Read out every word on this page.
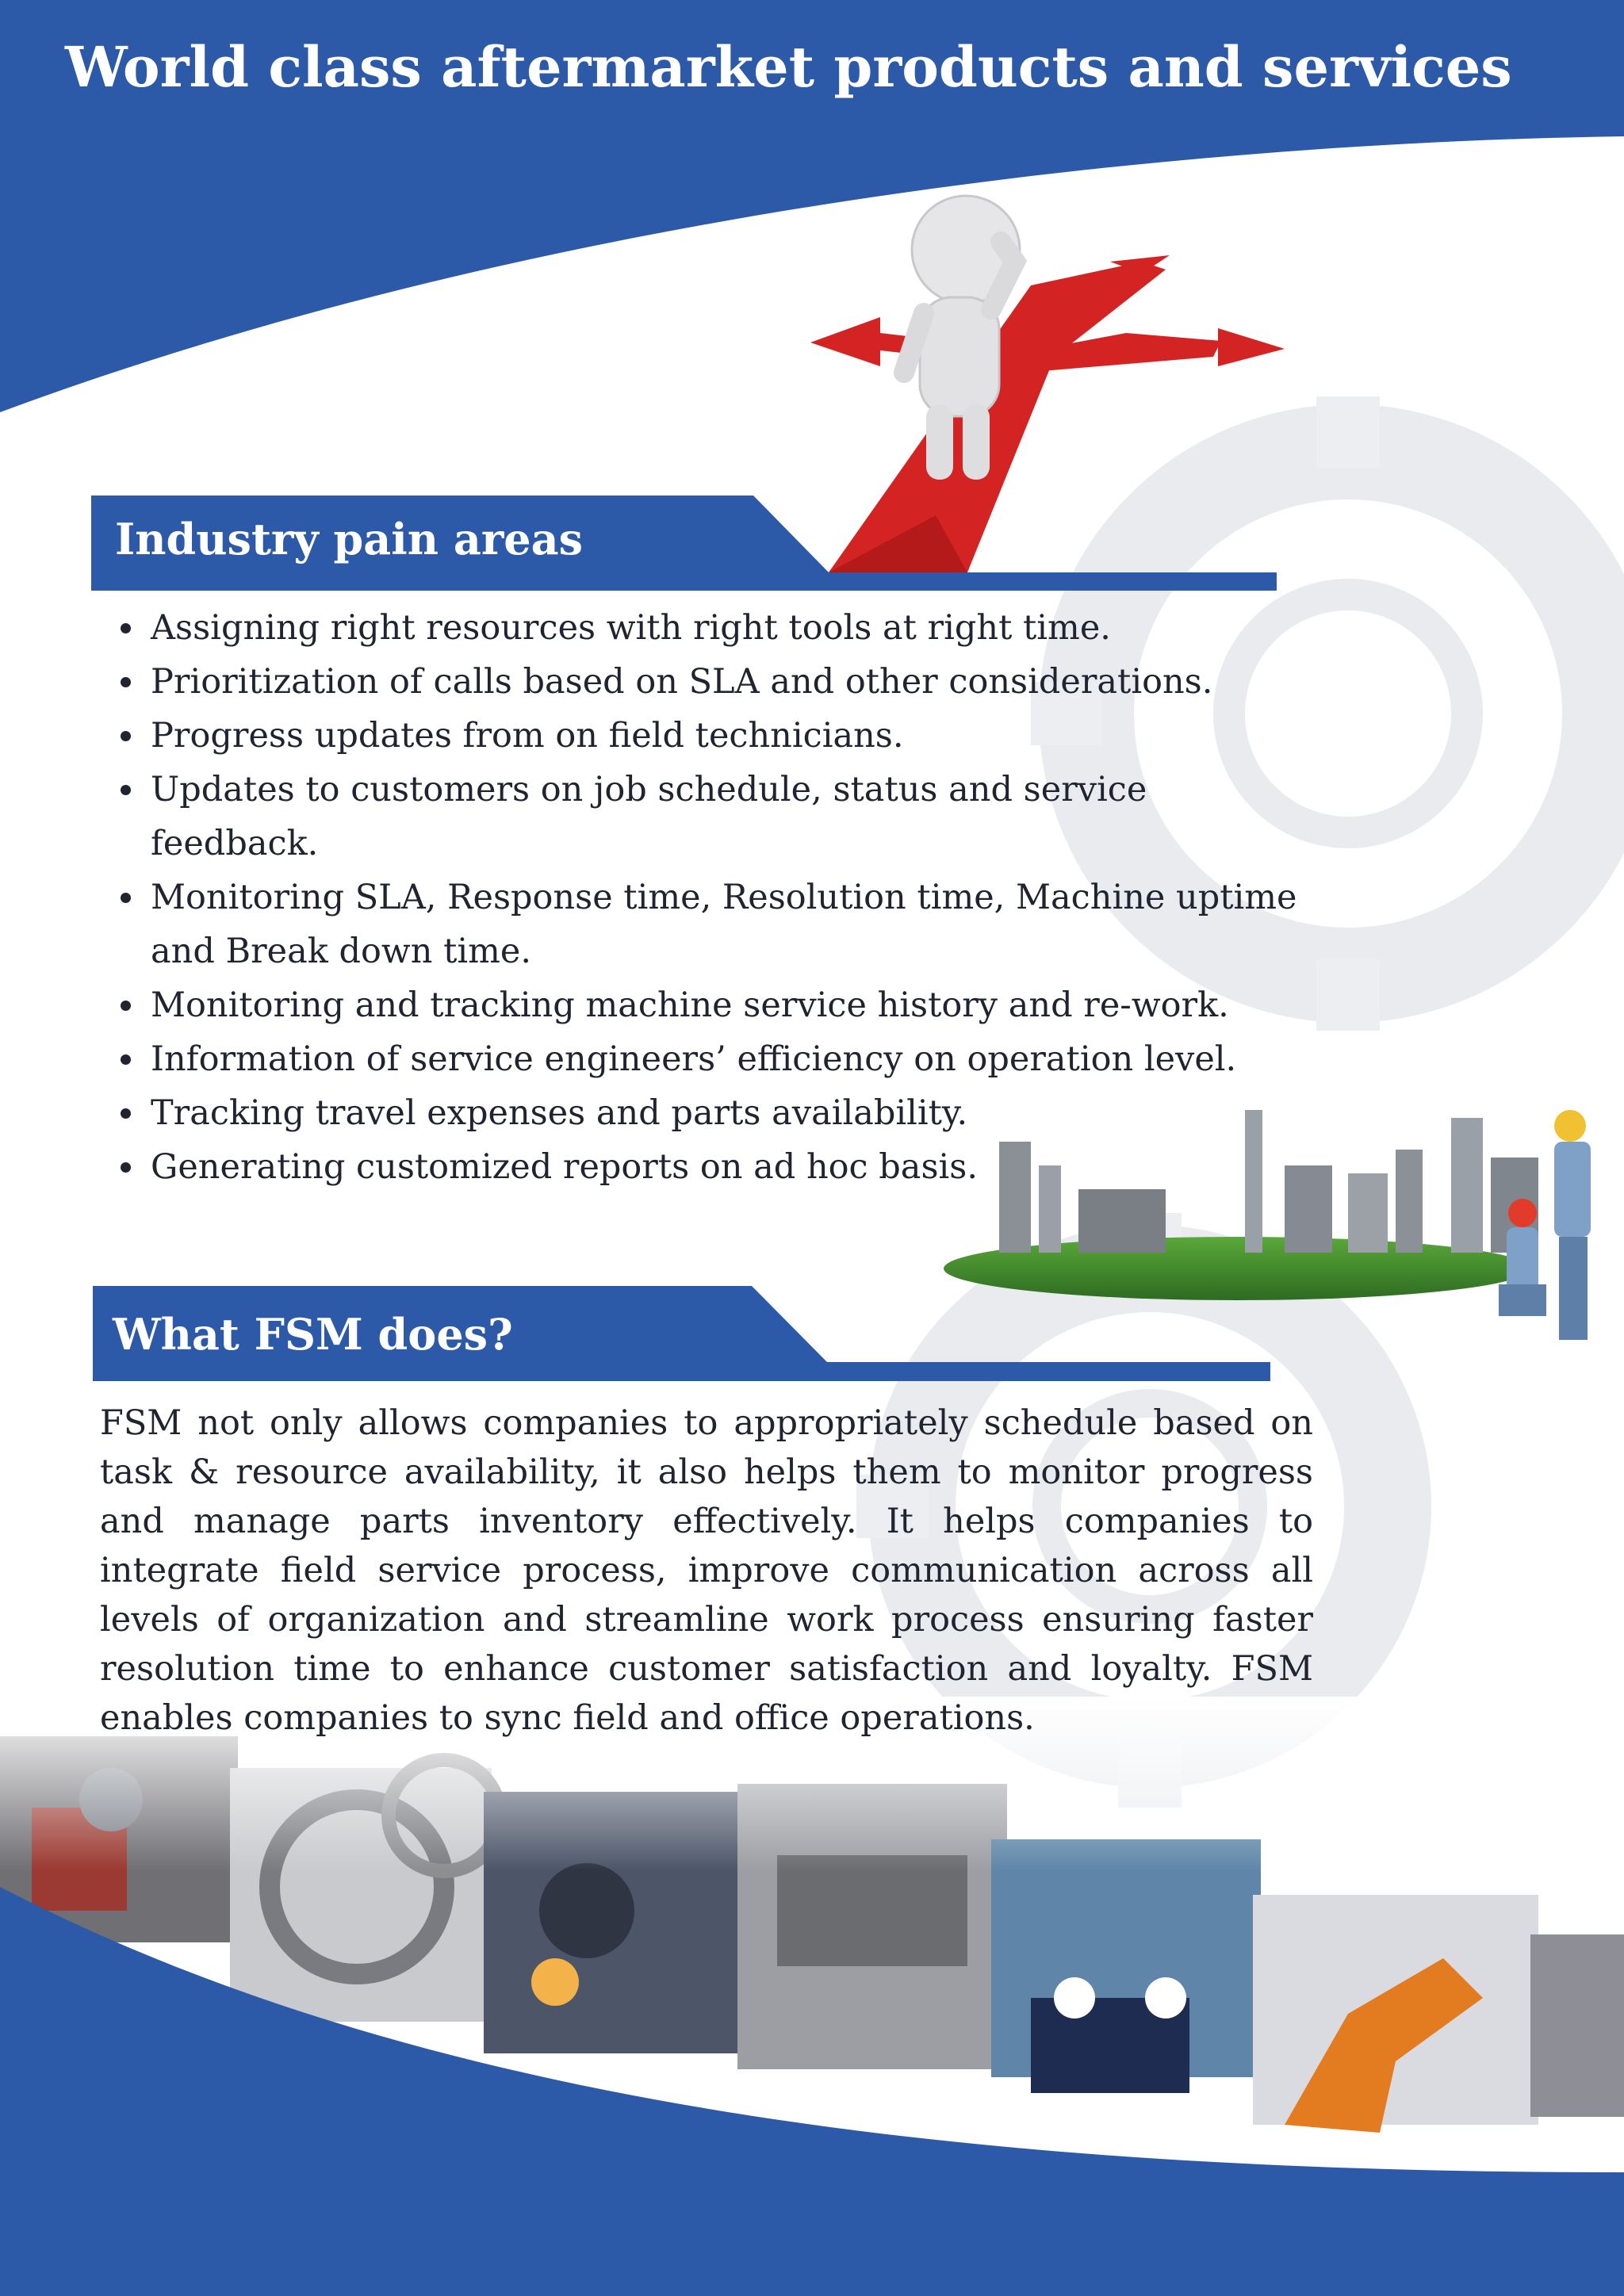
World class aftermarket products and services
Industry pain areas
Assigning right resources with right tools at right time.
Prioritization of calls based on SLA and other considerations.
Progress updates from on field technicians.
Updates to customers on job schedule, status and service feedback.
Monitoring SLA, Response time, Resolution time, Machine uptime and Break down time.
Monitoring and tracking machine service history and re-work.
Information of service engineers’ efficiency on operation level.
Tracking travel expenses and parts availability.
Generating customized reports on ad hoc basis.
What FSM does?

FSM not only allows companies to appropriately schedule based on task & resource availability, it also helps them to monitor progress and manage parts inventory effectively. It helps companies to integrate field service process, improve communication across all levels of organization and streamline work process ensuring faster resolution time to enhance customer satisfaction and loyalty. FSM enables companies to sync field and office operations.
